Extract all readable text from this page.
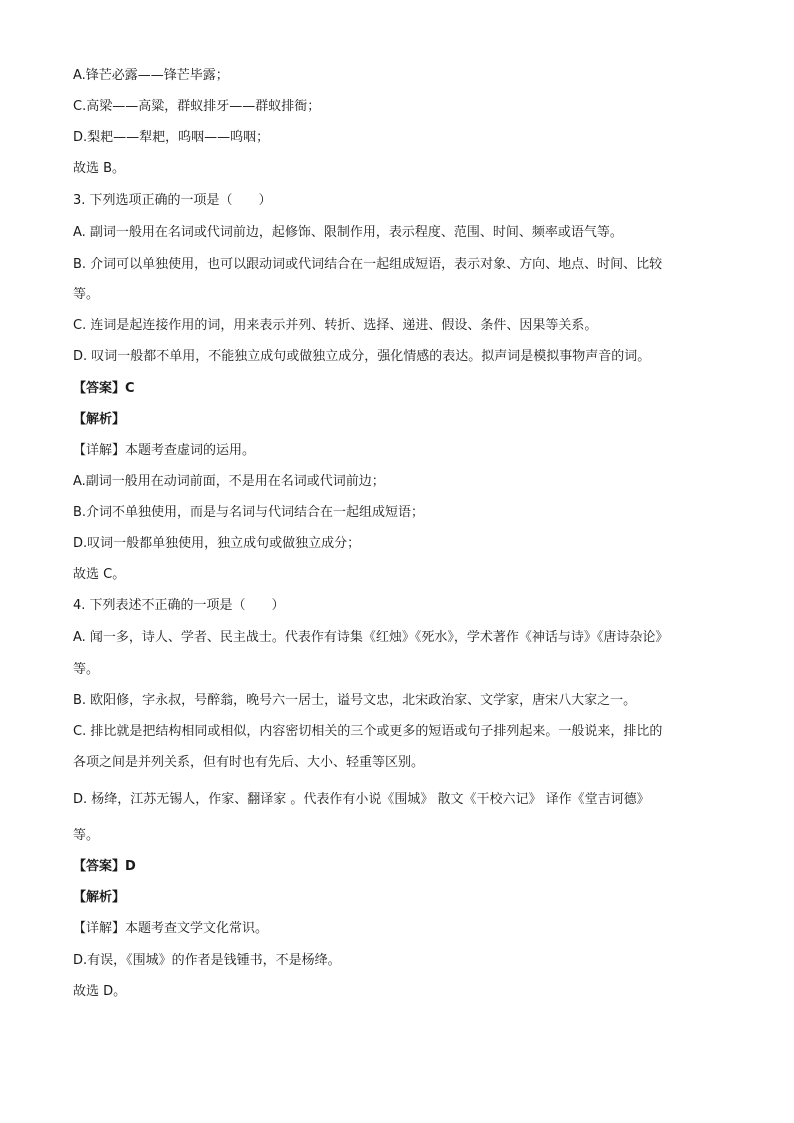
A.锋芒必露——锋芒毕露；
C.高梁——高粱，群蚁排牙——群蚁排衙；
D.梨耙——犁耙，呜咽——呜咽；
故选 B。
3. 下列选项正确的一项是（　　）
A. 副词一般用在名词或代词前边，起修饰、限制作用，表示程度、范围、时间、频率或语气等。
B. 介词可以单独使用，也可以跟动词或代词结合在一起组成短语，表示对象、方向、地点、时间、比较
等。
C. 连词是起连接作用的词，用来表示并列、转折、选择、递进、假设、条件、因果等关系。
D. 叹词一般都不单用，不能独立成句或做独立成分，强化情感的表达。拟声词是模拟事物声音的词。
【答案】C
【解析】
【详解】本题考查虚词的运用。
A.副词一般用在动词前面，不是用在名词或代词前边；
B.介词不单独使用，而是与名词与代词结合在一起组成短语；
D.叹词一般都单独使用，独立成句或做独立成分；
故选 C。
4. 下列表述不正确的一项是（　　）
A. 闻一多，诗人、学者、民主战士。代表作有诗集《红烛》《死水》，学术著作《神话与诗》《唐诗杂论》
等。
B. 欧阳修，字永叔，号醉翁，晚号六一居士，谥号文忠，北宋政治家、文学家，唐宋八大家之一。
C. 排比就是把结构相同或相似，内容密切相关的三个或更多的短语或句子排列起来。一般说来，排比的
各项之间是并列关系，但有时也有先后、大小、轻重等区别。
D. 杨绛，江苏无锡人，作家、翻译家 。代表作有小说《围城》 散文《干校六记》 译作《堂吉诃德》
等。
【答案】D
【解析】
【详解】本题考查文学文化常识。
D.有误，《围城》的作者是钱锺书，不是杨绛。
故选 D。
